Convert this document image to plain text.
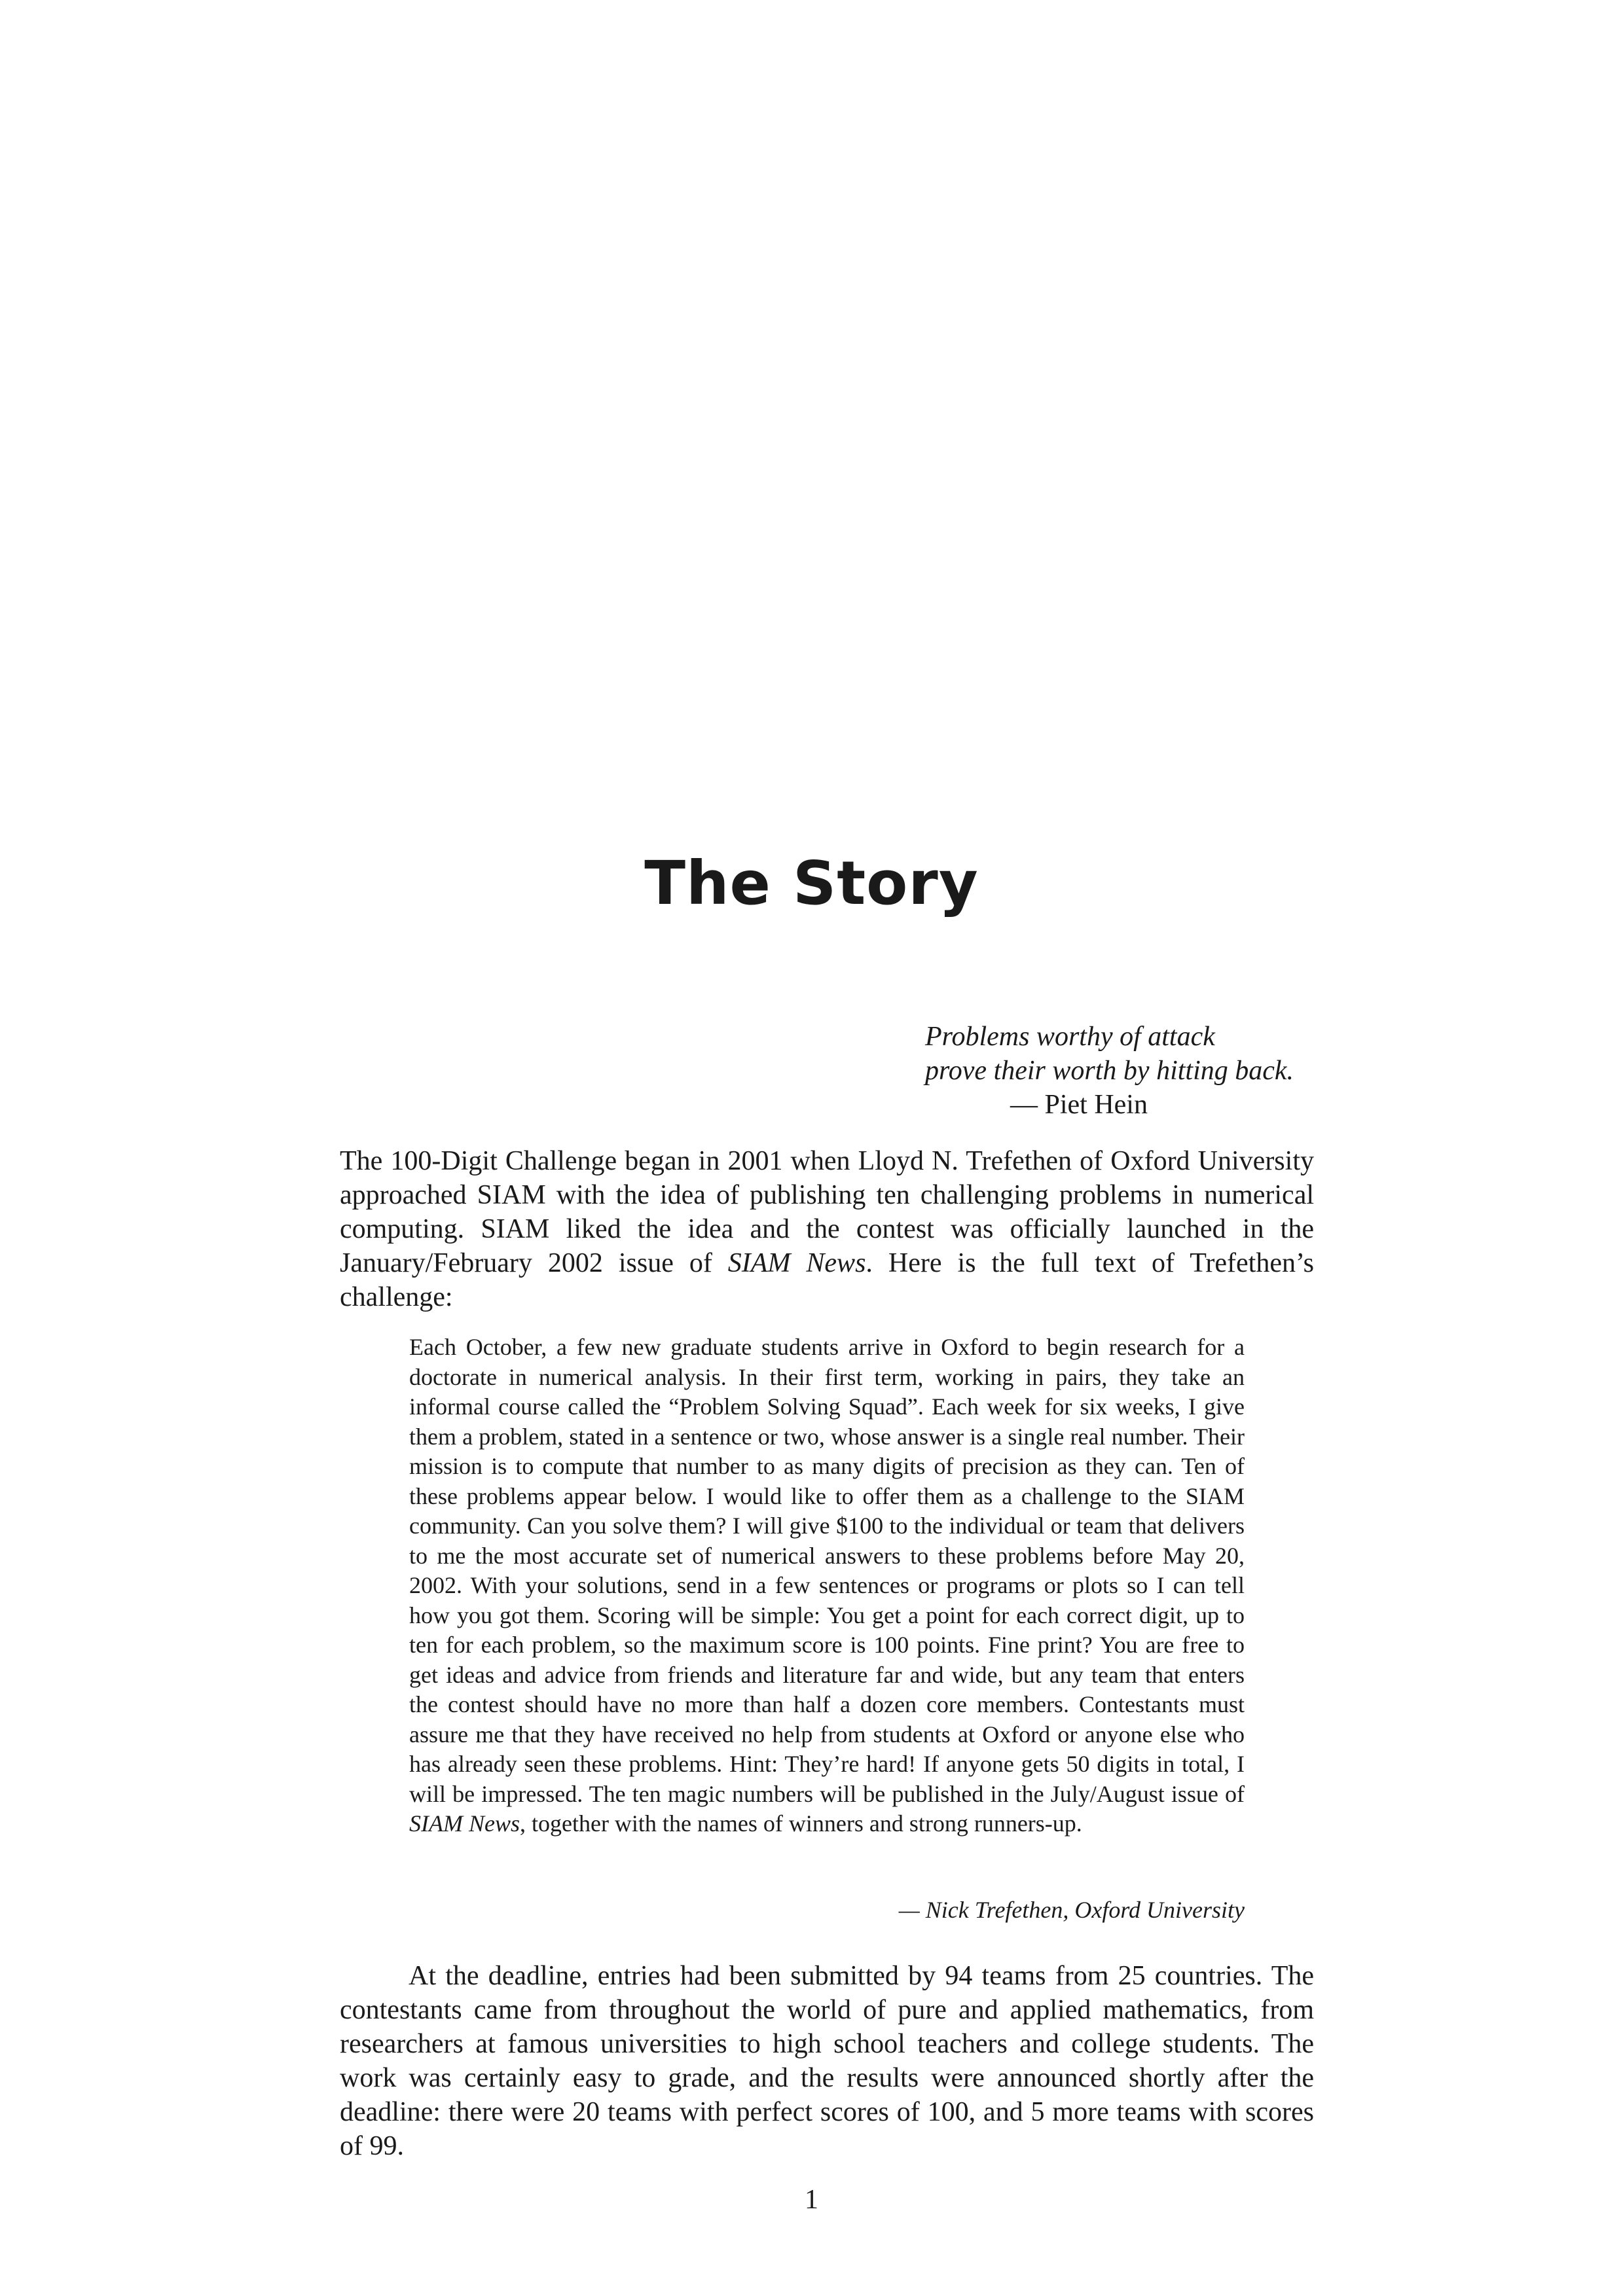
The Story
Problems worthy of attack
prove their worth by hitting back.
— Piet Hein

The 100-Digit Challenge began in 2001 when Lloyd N. Trefethen of Oxford University approached SIAM with the idea of publishing ten challenging problems in numerical computing. SIAM liked the idea and the contest was officially launched in the January/February 2002 issue of SIAM News. Here is the full text of Trefethen’s challenge:

Each October, a few new graduate students arrive in Oxford to begin research for a doctorate in numerical analysis. In their first term, working in pairs, they take an informal course called the “Problem Solving Squad”. Each week for six weeks, I give them a problem, stated in a sentence or two, whose answer is a single real number. Their mission is to compute that number to as many digits of precision as they can. Ten of these problems appear below. I would like to offer them as a challenge to the SIAM community. Can you solve them? I will give $100 to the individual or team that delivers to me the most accurate set of numerical answers to these problems before May 20, 2002. With your solutions, send in a few sentences or programs or plots so I can tell how you got them. Scoring will be simple: You get a point for each correct digit, up to ten for each problem, so the maximum score is 100 points. Fine print? You are free to get ideas and advice from friends and literature far and wide, but any team that enters the contest should have no more than half a dozen core members. Contestants must assure me that they have received no help from students at Oxford or anyone else who has already seen these problems. Hint: They’re hard! If anyone gets 50 digits in total, I will be impressed. The ten magic numbers will be published in the July/August issue of SIAM News, together with the names of winners and strong runners-up.

— Nick Trefethen, Oxford University

At the deadline, entries had been submitted by 94 teams from 25 countries. The contestants came from throughout the world of pure and applied mathematics, from researchers at famous universities to high school teachers and college students. The work was certainly easy to grade, and the results were announced shortly after the deadline: there were 20 teams with perfect scores of 100, and 5 more teams with scores of 99.

1
